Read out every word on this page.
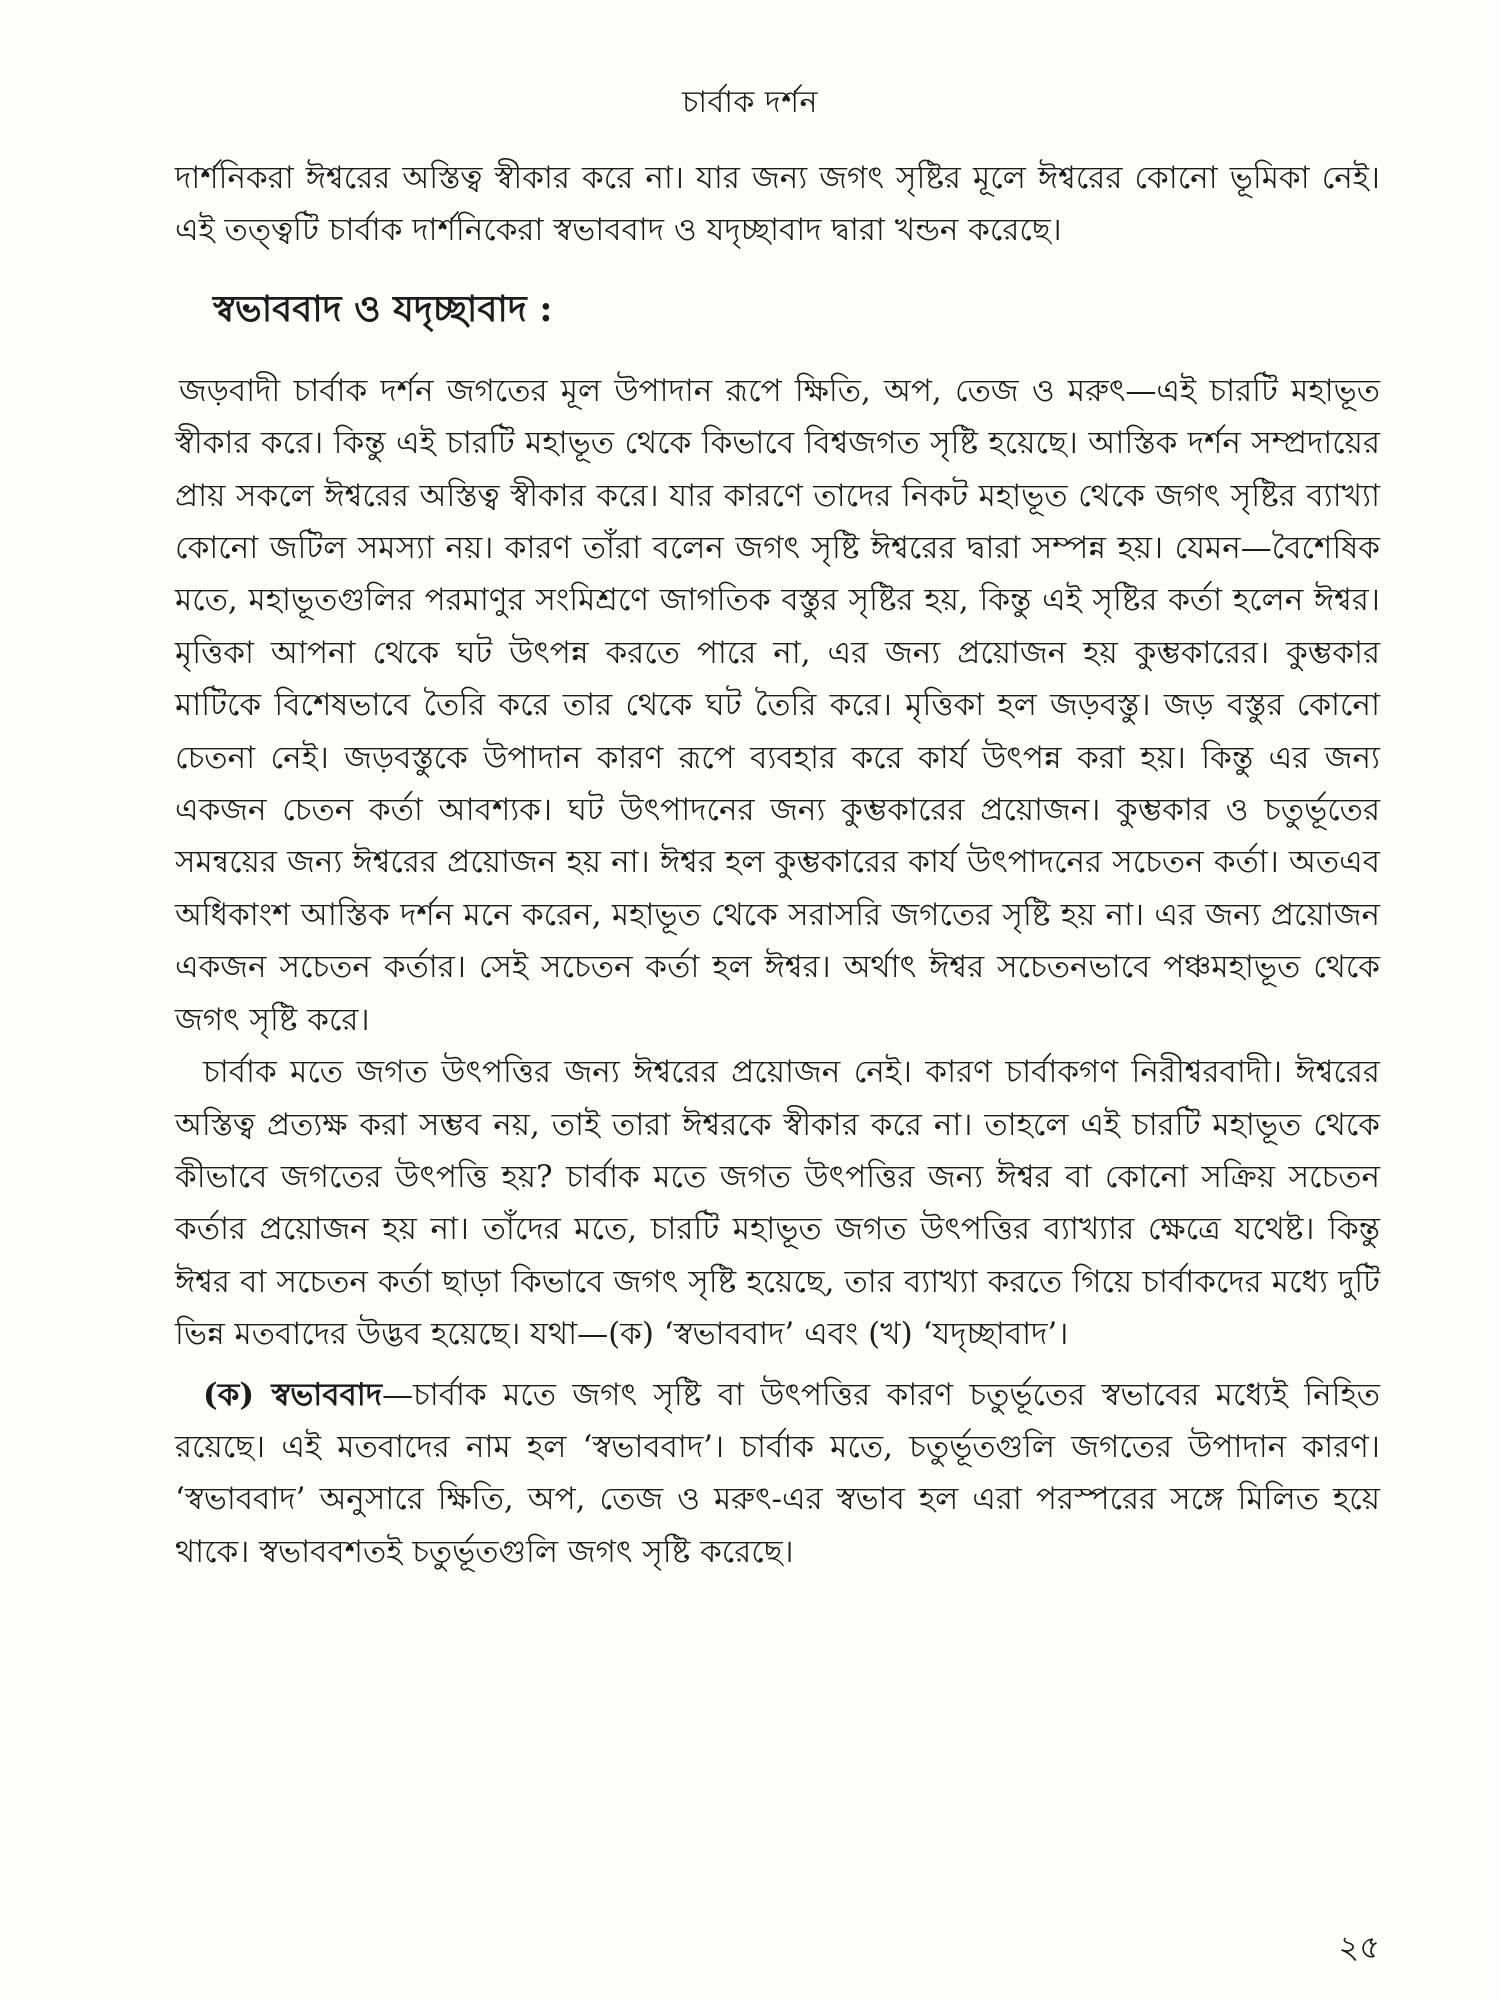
চার্বাক দর্শন

দার্শনিকরা ঈশ্বরের অস্তিত্ব স্বীকার করে না। যার জন্য জগৎ সৃষ্টির মূলে ঈশ্বরের কোনো ভূমিকা নেই। এই তত্ত্বটি চার্বাক দার্শনিকেরা স্বভাববাদ ও যদৃচ্ছাবাদ দ্বারা খন্ডন করেছে।

স্বভাববাদ ও যদৃচ্ছাবাদ :

জড়বাদী চার্বাক দর্শন জগতের মূল উপাদান রূপে ক্ষিতি, অপ, তেজ ও মরুৎ—এই চারটি মহাভূত স্বীকার করে। কিন্তু এই চারটি মহাভূত থেকে কিভাবে বিশ্বজগত সৃষ্টি হয়েছে। আস্তিক দর্শন সম্প্রদায়ের প্রায় সকলে ঈশ্বরের অস্তিত্ব স্বীকার করে। যার কারণে তাদের নিকট মহাভূত থেকে জগৎ সৃষ্টির ব্যাখ্যা কোনো জটিল সমস্যা নয়। কারণ তাঁরা বলেন জগৎ সৃষ্টি ঈশ্বরের দ্বারা সম্পন্ন হয়। যেমন—বৈশেষিক মতে, মহাভূতগুলির পরমাণুর সংমিশ্রণে জাগতিক বস্তুর সৃষ্টির হয়, কিন্তু এই সৃষ্টির কর্তা হলেন ঈশ্বর। মৃত্তিকা আপনা থেকে ঘট উৎপন্ন করতে পারে না, এর জন্য প্রয়োজন হয় কুম্ভকারের। কুম্ভকার মাটিকে বিশেষভাবে তৈরি করে তার থেকে ঘট তৈরি করে। মৃত্তিকা হল জড়বস্তু। জড় বস্তুর কোনো চেতনা নেই। জড়বস্তুকে উপাদান কারণ রূপে ব্যবহার করে কার্য উৎপন্ন করা হয়। কিন্তু এর জন্য একজন চেতন কর্তা আবশ্যক। ঘট উৎপাদনের জন্য কুম্ভকারের প্রয়োজন। কুম্ভকার ও চতুর্ভূতের সমন্বয়ের জন্য ঈশ্বরের প্রয়োজন হয় না। ঈশ্বর হল কুম্ভকারের কার্য উৎপাদনের সচেতন কর্তা। অতএব অধিকাংশ আস্তিক দর্শন মনে করেন, মহাভূত থেকে সরাসরি জগতের সৃষ্টি হয় না। এর জন্য প্রয়োজন একজন সচেতন কর্তার। সেই সচেতন কর্তা হল ঈশ্বর। অর্থাৎ ঈশ্বর সচেতনভাবে পঞ্চমহাভূত থেকে জগৎ সৃষ্টি করে।

চার্বাক মতে জগত উৎপত্তির জন্য ঈশ্বরের প্রয়োজন নেই। কারণ চার্বাকগণ নিরীশ্বরবাদী। ঈশ্বরের অস্তিত্ব প্রত্যক্ষ করা সম্ভব নয়, তাই তারা ঈশ্বরকে স্বীকার করে না। তাহলে এই চারটি মহাভূত থেকে কীভাবে জগতের উৎপত্তি হয়? চার্বাক মতে জগত উৎপত্তির জন্য ঈশ্বর বা কোনো সক্রিয় সচেতন কর্তার প্রয়োজন হয় না। তাঁদের মতে, চারটি মহাভূত জগত উৎপত্তির ব্যাখ্যার ক্ষেত্রে যথেষ্ট। কিন্তু ঈশ্বর বা সচেতন কর্তা ছাড়া কিভাবে জগৎ সৃষ্টি হয়েছে, তার ব্যাখ্যা করতে গিয়ে চার্বাকদের মধ্যে দুটি ভিন্ন মতবাদের উদ্ভব হয়েছে। যথা—(ক) ‘স্বভাববাদ’ এবং (খ) ‘যদৃচ্ছাবাদ’।

(ক) স্বভাববাদ—চার্বাক মতে জগৎ সৃষ্টি বা উৎপত্তির কারণ চতুর্ভূতের স্বভাবের মধ্যেই নিহিত রয়েছে। এই মতবাদের নাম হল ‘স্বভাববাদ’। চার্বাক মতে, চতুর্ভূতগুলি জগতের উপাদান কারণ। ‘স্বভাববাদ’ অনুসারে ক্ষিতি, অপ, তেজ ও মরুৎ-এর স্বভাব হল এরা পরস্পরের সঙ্গে মিলিত হয়ে থাকে। স্বভাববশতই চতুর্ভূতগুলি জগৎ সৃষ্টি করেছে।

২৫
